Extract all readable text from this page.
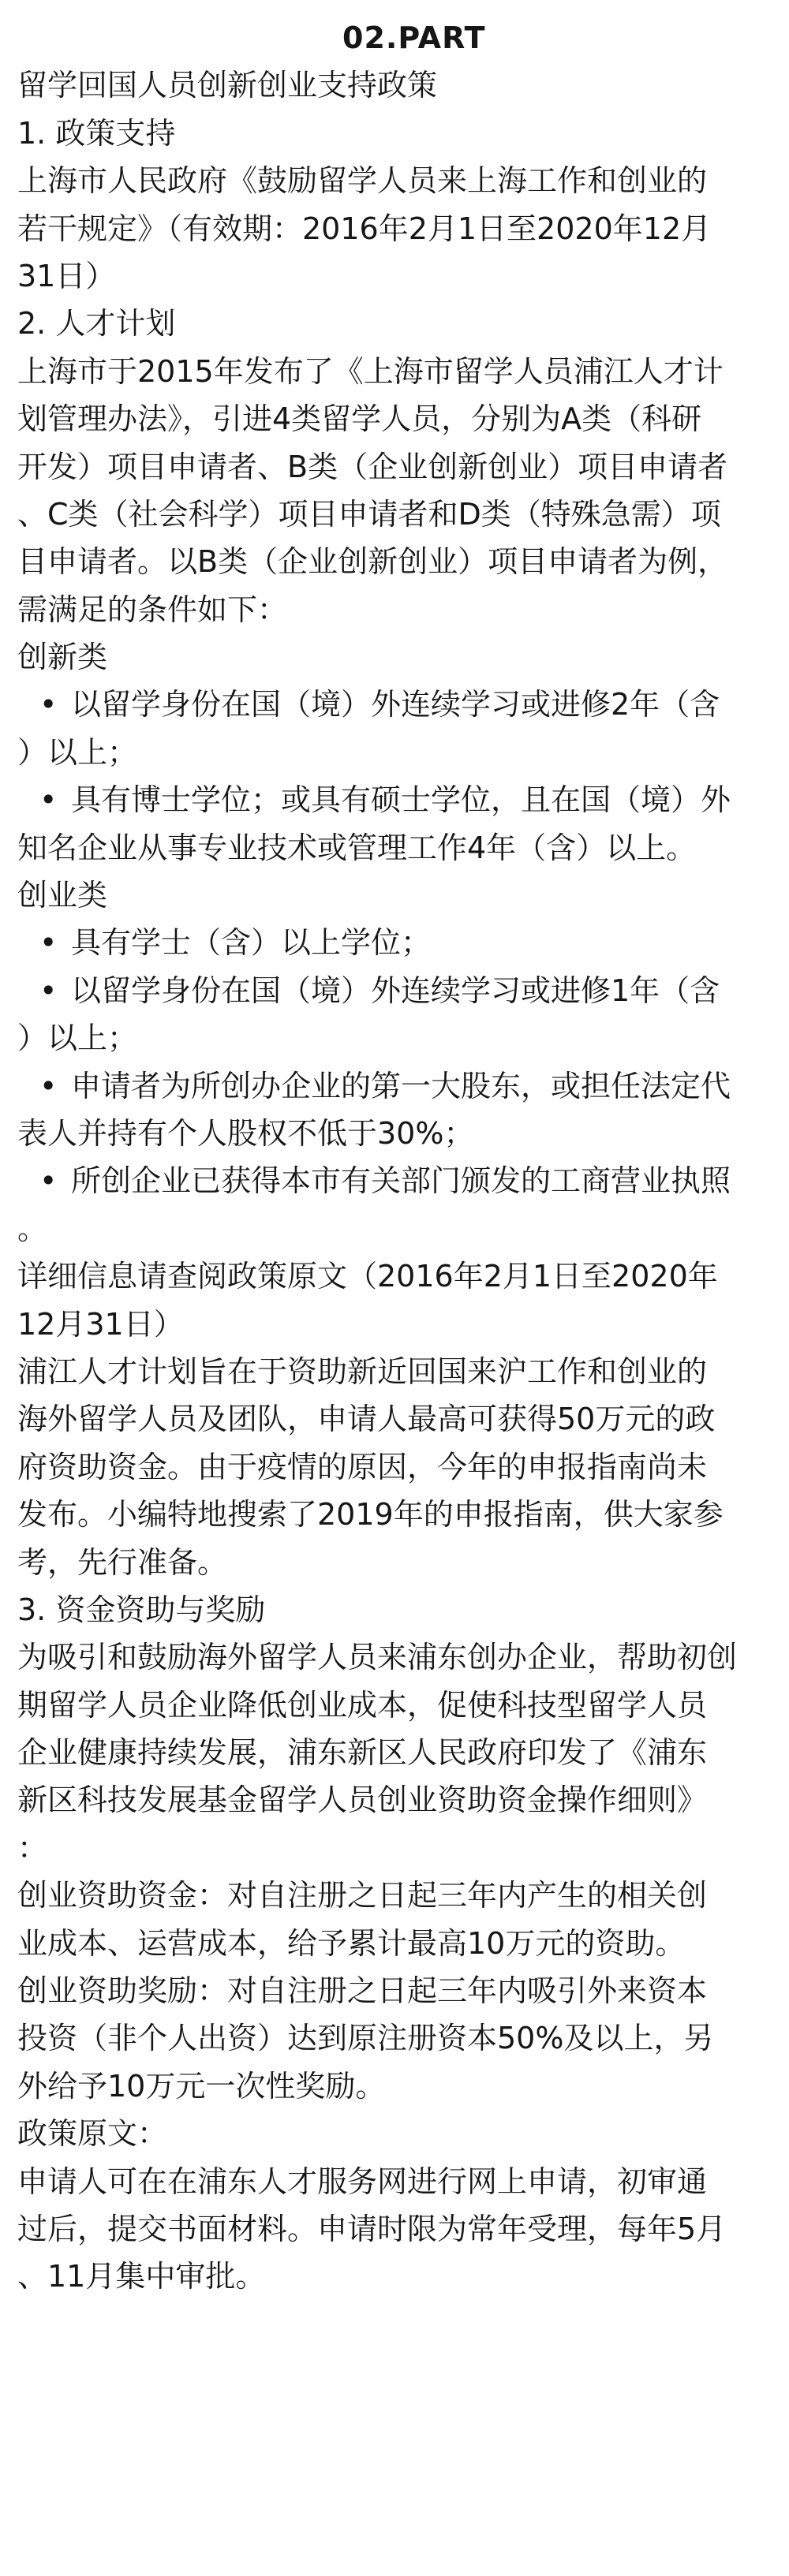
02.PART
留学回国人员创新创业支持政策
1. 政策支持
上海市人民政府《鼓励留学人员来上海工作和创业的
若干规定》（有效期：2016年2月1日至2020年12月
31日）
2. 人才计划
上海市于2015年发布了《上海市留学人员浦江人才计
划管理办法》，引进4类留学人员，分别为A类（科研
开发）项目申请者、B类（企业创新创业）项目申请者
、C类（社会科学）项目申请者和D类（特殊急需）项
目申请者。以B类（企业创新创业）项目申请者为例，
需满足的条件如下：
创新类
• 以留学身份在国（境）外连续学习或进修2年（含
）以上；
• 具有博士学位；或具有硕士学位，且在国（境）外
知名企业从事专业技术或管理工作4年（含）以上。
创业类
• 具有学士（含）以上学位；
• 以留学身份在国（境）外连续学习或进修1年（含
）以上；
• 申请者为所创办企业的第一大股东，或担任法定代
表人并持有个人股权不低于30%；
• 所创企业已获得本市有关部门颁发的工商营业执照
。
详细信息请查阅政策原文（2016年2月1日至2020年
12月31日）
浦江人才计划旨在于资助新近回国来沪工作和创业的
海外留学人员及团队，申请人最高可获得50万元的政
府资助资金。由于疫情的原因，今年的申报指南尚未
发布。小编特地搜索了2019年的申报指南，供大家参
考，先行准备。
3. 资金资助与奖励
为吸引和鼓励海外留学人员来浦东创办企业，帮助初创
期留学人员企业降低创业成本，促使科技型留学人员
企业健康持续发展，浦东新区人民政府印发了《浦东
新区科技发展基金留学人员创业资助资金操作细则》
：
创业资助资金：对自注册之日起三年内产生的相关创
业成本、运营成本，给予累计最高10万元的资助。
创业资助奖励：对自注册之日起三年内吸引外来资本
投资（非个人出资）达到原注册资本50%及以上，另
外给予10万元一次性奖励。
政策原文：
申请人可在在浦东人才服务网进行网上申请，初审通
过后，提交书面材料。申请时限为常年受理，每年5月
、11月集中审批。
